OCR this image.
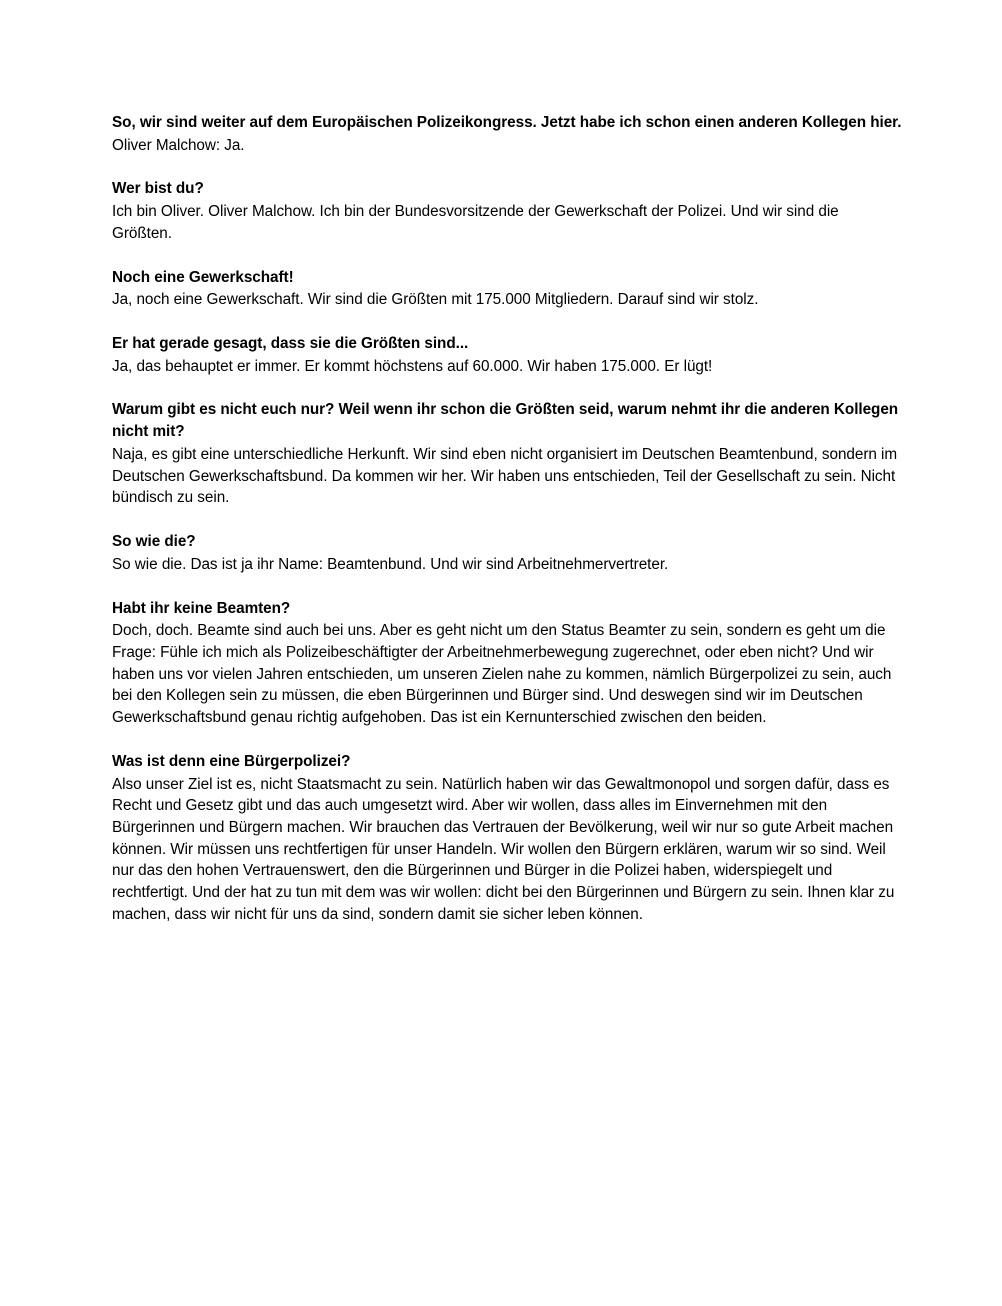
So, wir sind weiter auf dem Europäischen Polizeikongress. Jetzt habe ich schon einen anderen Kollegen hier.

Oliver Malchow: Ja.

Wer bist du?

Ich bin Oliver. Oliver Malchow. Ich bin der Bundesvorsitzende der Gewerkschaft der Polizei. Und wir sind die Größten.

Noch eine Gewerkschaft!

Ja, noch eine Gewerkschaft. Wir sind die Größten mit 175.000 Mitgliedern. Darauf sind wir stolz.

Er hat gerade gesagt, dass sie die Größten sind...

Ja, das behauptet er immer. Er kommt höchstens auf 60.000. Wir haben 175.000. Er lügt!

Warum gibt es nicht euch nur? Weil wenn ihr schon die Größten seid, warum nehmt ihr die anderen Kollegen nicht mit?

Naja, es gibt eine unterschiedliche Herkunft. Wir sind eben nicht organisiert im Deutschen Beamtenbund, sondern im Deutschen Gewerkschaftsbund. Da kommen wir her. Wir haben uns entschieden, Teil der Gesellschaft zu sein. Nicht bündisch zu sein.

So wie die?

So wie die. Das ist ja ihr Name: Beamtenbund. Und wir sind Arbeitnehmervertreter.

Habt ihr keine Beamten?

Doch, doch. Beamte sind auch bei uns. Aber es geht nicht um den Status Beamter zu sein, sondern es geht um die Frage: Fühle ich mich als Polizeibeschäftigter der Arbeitnehmerbewegung zugerechnet, oder eben nicht? Und wir haben uns vor vielen Jahren entschieden, um unseren Zielen nahe zu kommen, nämlich Bürgerpolizei zu sein, auch bei den Kollegen sein zu müssen, die eben Bürgerinnen und Bürger sind. Und deswegen sind wir im Deutschen Gewerkschaftsbund genau richtig aufgehoben. Das ist ein Kernunterschied zwischen den beiden.

Was ist denn eine Bürgerpolizei?

Also unser Ziel ist es, nicht Staatsmacht zu sein. Natürlich haben wir das Gewaltmonopol und sorgen dafür, dass es Recht und Gesetz gibt und das auch umgesetzt wird. Aber wir wollen, dass alles im Einvernehmen mit den Bürgerinnen und Bürgern machen. Wir brauchen das Vertrauen der Bevölkerung, weil wir nur so gute Arbeit machen können. Wir müssen uns rechtfertigen für unser Handeln. Wir wollen den Bürgern erklären, warum wir so sind. Weil nur das den hohen Vertrauenswert, den die Bürgerinnen und Bürger in die Polizei haben, widerspiegelt und rechtfertigt. Und der hat zu tun mit dem was wir wollen: dicht bei den Bürgerinnen und Bürgern zu sein. Ihnen klar zu machen, dass wir nicht für uns da sind, sondern damit sie sicher leben können.
